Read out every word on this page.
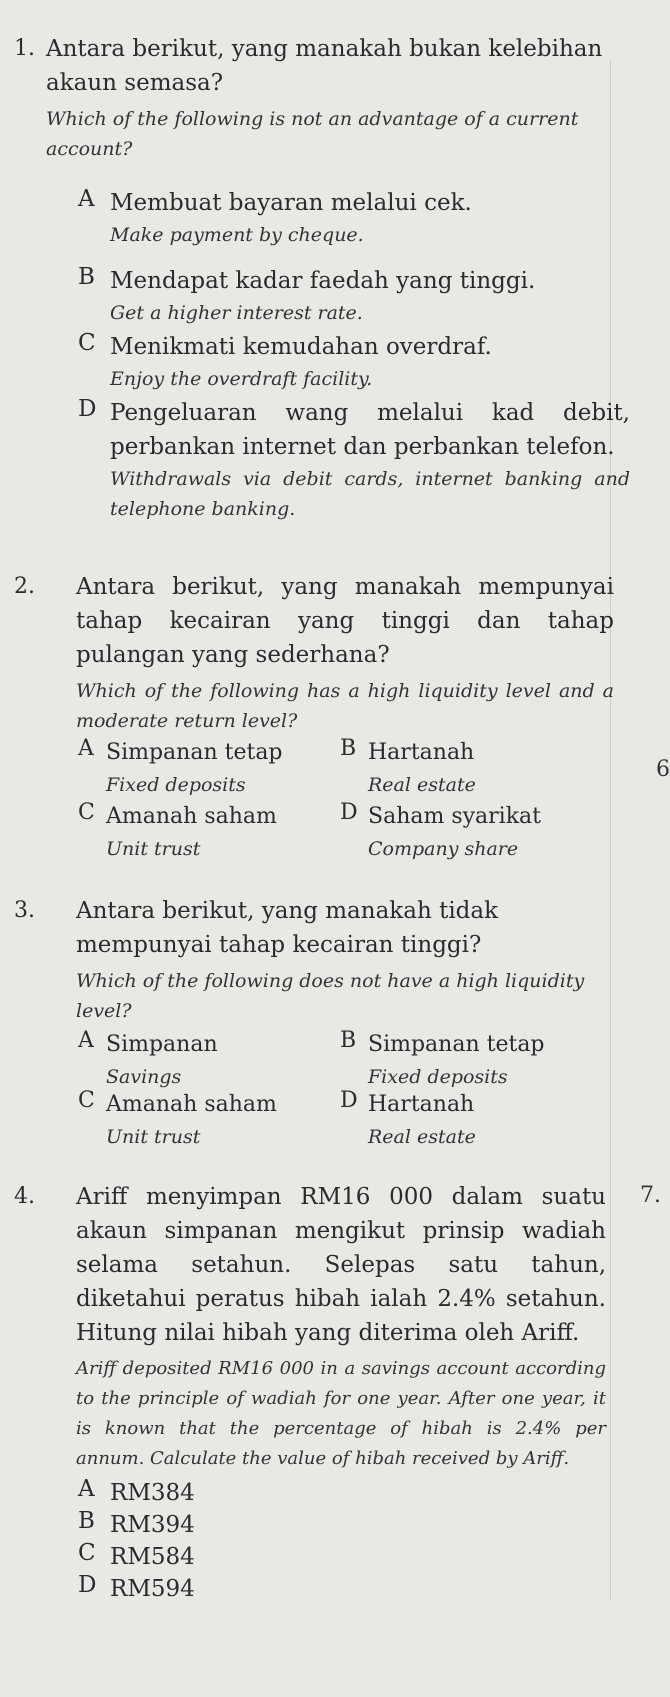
6
7.
1. Antara berikut, yang manakah bukan kelebihan akaun semasa?
Which of the following is not an advantage of a current account?
A Membuat bayaran melalui cek.
Make payment by cheque.
B Mendapat kadar faedah yang tinggi.
Get a higher interest rate.
C Menikmati kemudahan overdraf.
Enjoy the overdraft facility.
D Pengeluaran wang melalui kad debit, perbankan internet dan perbankan telefon.
Withdrawals via debit cards, internet banking and telephone banking.
2. Antara berikut, yang manakah mempunyai tahap kecairan yang tinggi dan tahap pulangan yang sederhana?
Which of the following has a high liquidity level and a moderate return level?
A Simpanan tetap
Fixed deposits
B Hartanah
Real estate
C Amanah saham
Unit trust
D Saham syarikat
Company share
3. Antara berikut, yang manakah tidak mempunyai tahap kecairan tinggi?
Which of the following does not have a high liquidity level?
A Simpanan
Savings
B Simpanan tetap
Fixed deposits
C Amanah saham
Unit trust
D Hartanah
Real estate
4. Ariff menyimpan RM16 000 dalam suatu akaun simpanan mengikut prinsip wadiah selama setahun. Selepas satu tahun, diketahui peratus hibah ialah 2.4% setahun. Hitung nilai hibah yang diterima oleh Ariff.
Ariff deposited RM16 000 in a savings account according to the principle of wadiah for one year. After one year, it is known that the percentage of hibah is 2.4% per annum. Calculate the value of hibah received by Ariff.
A RM384
B RM394
C RM584
D RM594
